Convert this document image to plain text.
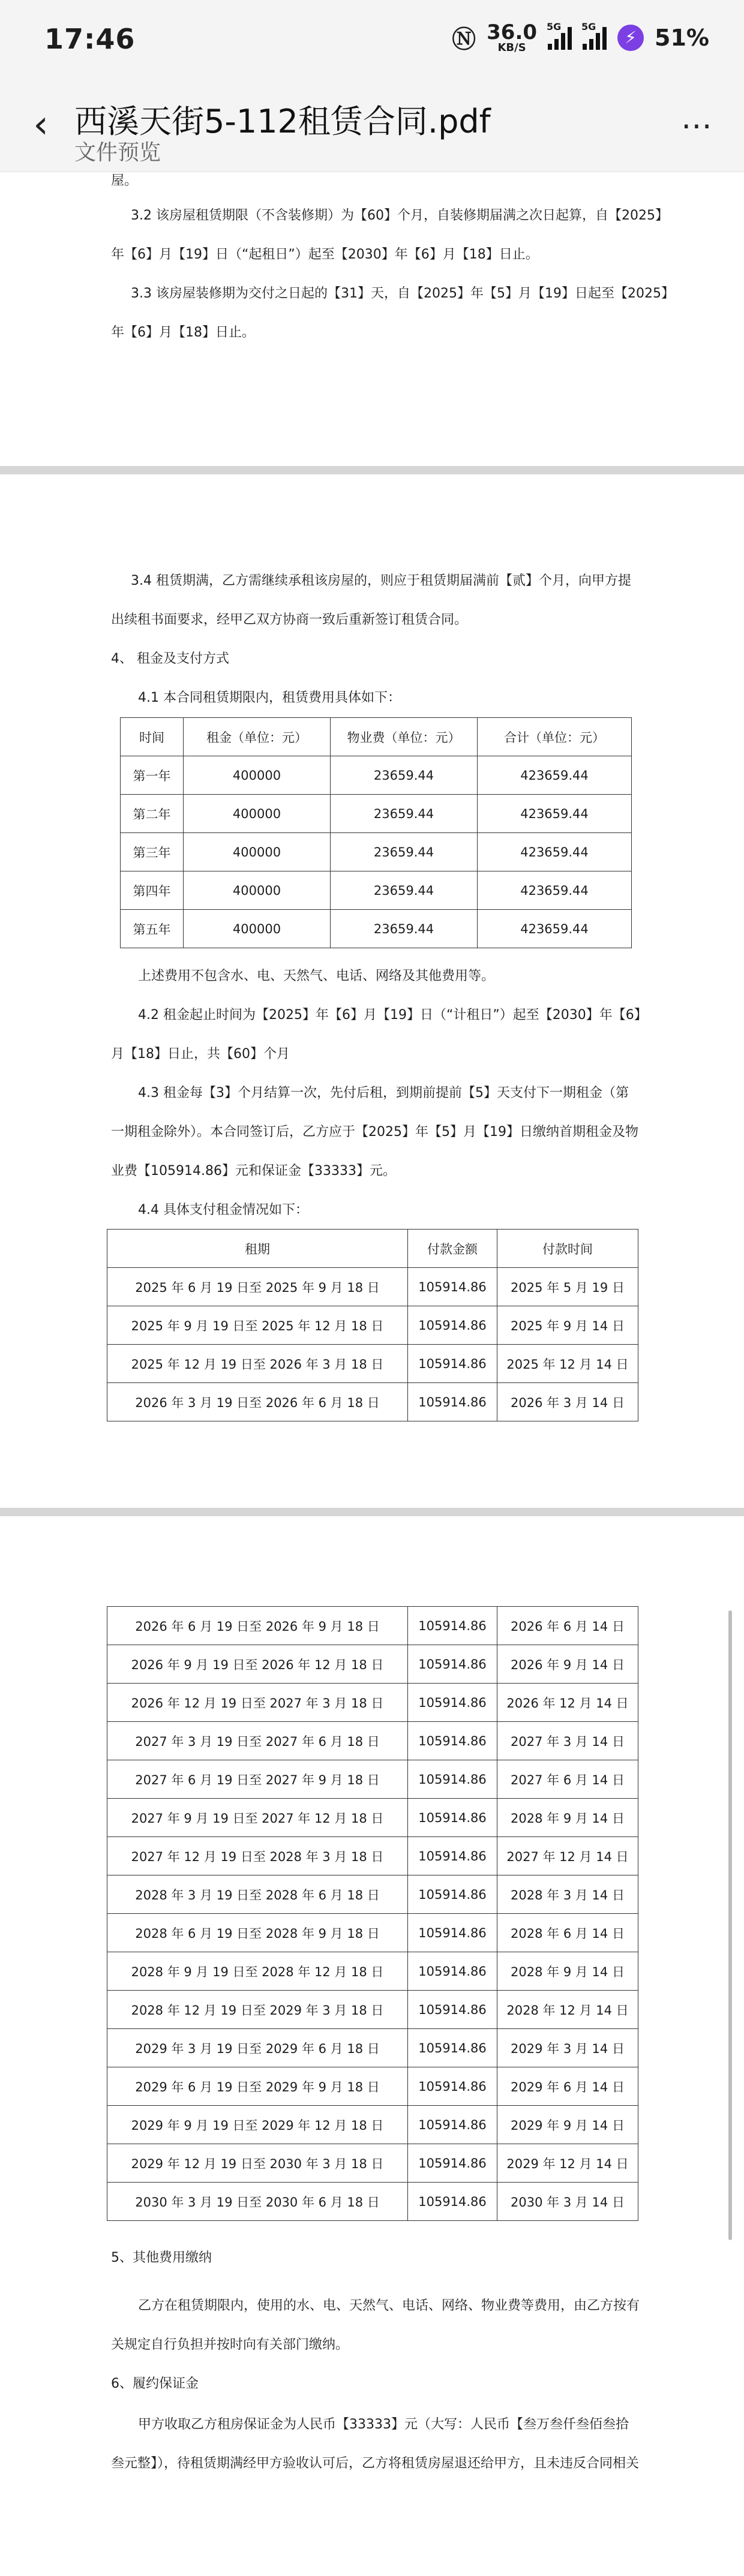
17:46	Ⓝ 36.0
KB/S
5G 5G
⚡ 51%
‹ 西溪天街5-112租赁合同.pdf
文件预览
⋯
屋。
3.2 该房屋租赁期限（不含装修期）为【60】个月，自装修期届满之次日起算，自【2025】
年【6】月【19】日（“起租日”）起至【2030】年【6】月【18】日止。
3.3 该房屋装修期为交付之日起的【31】天，自【2025】年【5】月【19】日起至【2025】
年【6】月【18】日止。
3.4 租赁期满，乙方需继续承租该房屋的，则应于租赁期届满前【贰】个月，向甲方提
出续租书面要求，经甲乙双方协商一致后重新签订租赁合同。
4、 租金及支付方式
4.1 本合同租赁期限内，租赁费用具体如下：
时间	租金（单位：元）	物业费（单位：元）	合计（单位：元）
第一年	400000	23659.44	423659.44
第二年	400000	23659.44	423659.44
第三年	400000	23659.44	423659.44
第四年	400000	23659.44	423659.44
第五年	400000	23659.44	423659.44
上述费用不包含水、电、天然气、电话、网络及其他费用等。
4.2 租金起止时间为【2025】年【6】月【19】日（“计租日”）起至【2030】年【6】
月【18】日止，共【60】个月
4.3 租金每【3】个月结算一次，先付后租，到期前提前【5】天支付下一期租金（第
一期租金除外）。本合同签订后，乙方应于【2025】年【5】月【19】日缴纳首期租金及物
业费【105914.86】元和保证金【33333】元。
4.4 具体支付租金情况如下：
租期	付款金额	付款时间
2025 年 6 月 19 日至 2025 年 9 月 18 日	105914.86	2025 年 5 月 19 日
2025 年 9 月 19 日至 2025 年 12 月 18 日	105914.86	2025 年 9 月 14 日
2025 年 12 月 19 日至 2026 年 3 月 18 日	105914.86	2025 年 12 月 14 日
2026 年 3 月 19 日至 2026 年 6 月 18 日	105914.86	2026 年 3 月 14 日
2026 年 6 月 19 日至 2026 年 9 月 18 日	105914.86	2026 年 6 月 14 日
2026 年 9 月 19 日至 2026 年 12 月 18 日	105914.86	2026 年 9 月 14 日
2026 年 12 月 19 日至 2027 年 3 月 18 日	105914.86	2026 年 12 月 14 日
2027 年 3 月 19 日至 2027 年 6 月 18 日	105914.86	2027 年 3 月 14 日
2027 年 6 月 19 日至 2027 年 9 月 18 日	105914.86	2027 年 6 月 14 日
2027 年 9 月 19 日至 2027 年 12 月 18 日	105914.86	2028 年 9 月 14 日
2027 年 12 月 19 日至 2028 年 3 月 18 日	105914.86	2027 年 12 月 14 日
2028 年 3 月 19 日至 2028 年 6 月 18 日	105914.86	2028 年 3 月 14 日
2028 年 6 月 19 日至 2028 年 9 月 18 日	105914.86	2028 年 6 月 14 日
2028 年 9 月 19 日至 2028 年 12 月 18 日	105914.86	2028 年 9 月 14 日
2028 年 12 月 19 日至 2029 年 3 月 18 日	105914.86	2028 年 12 月 14 日
2029 年 3 月 19 日至 2029 年 6 月 18 日	105914.86	2029 年 3 月 14 日
2029 年 6 月 19 日至 2029 年 9 月 18 日	105914.86	2029 年 6 月 14 日
2029 年 9 月 19 日至 2029 年 12 月 18 日	105914.86	2029 年 9 月 14 日
2029 年 12 月 19 日至 2030 年 3 月 18 日	105914.86	2029 年 12 月 14 日
2030 年 3 月 19 日至 2030 年 6 月 18 日	105914.86	2030 年 3 月 14 日
5、其他费用缴纳
乙方在租赁期限内，使用的水、电、天然气、电话、网络、物业费等费用，由乙方按有
关规定自行负担并按时向有关部门缴纳。
6、履约保证金
甲方收取乙方租房保证金为人民币【33333】元（大写：人民币【叁万叁仟叁佰叁拾
叁元整】），待租赁期满经甲方验收认可后，乙方将租赁房屋退还给甲方，且未违反合同相关
